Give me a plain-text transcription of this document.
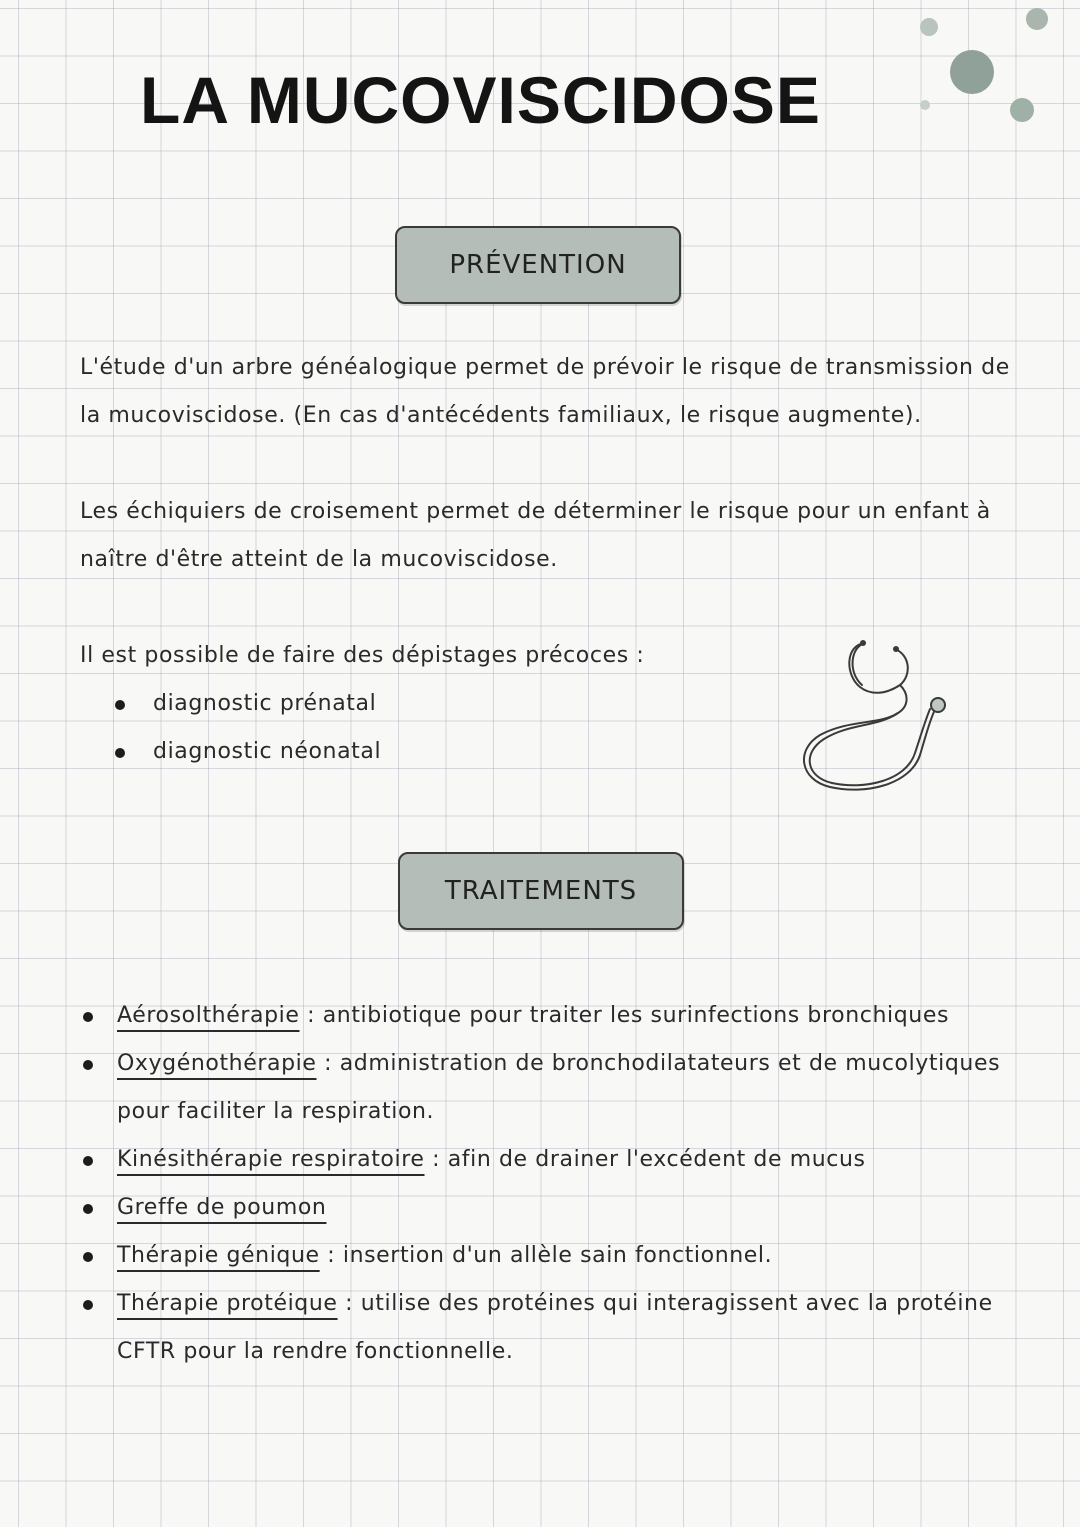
LA MUCOVISCIDOSE
PRÉVENTION
L'étude d'un arbre généalogique permet de prévoir le risque de transmission de la mucoviscidose. (En cas d'antécédents familiaux, le risque augmente).
Les échiquiers de croisement permet de déterminer le risque pour un enfant à naître d'être atteint de la mucoviscidose.
Il est possible de faire des dépistages précoces :
diagnostic prénatal
diagnostic néonatal
TRAITEMENTS
Aérosolthérapie : antibiotique pour traiter les surinfections bronchiques
Oxygénothérapie : administration de bronchodilatateurs et de mucolytiques pour faciliter la respiration.
Kinésithérapie respiratoire : afin de drainer l'excédent de mucus
Greffe de poumon
Thérapie génique : insertion d'un allèle sain fonctionnel.
Thérapie protéique : utilise des protéines qui interagissent avec la protéine CFTR pour la rendre fonctionnelle.
